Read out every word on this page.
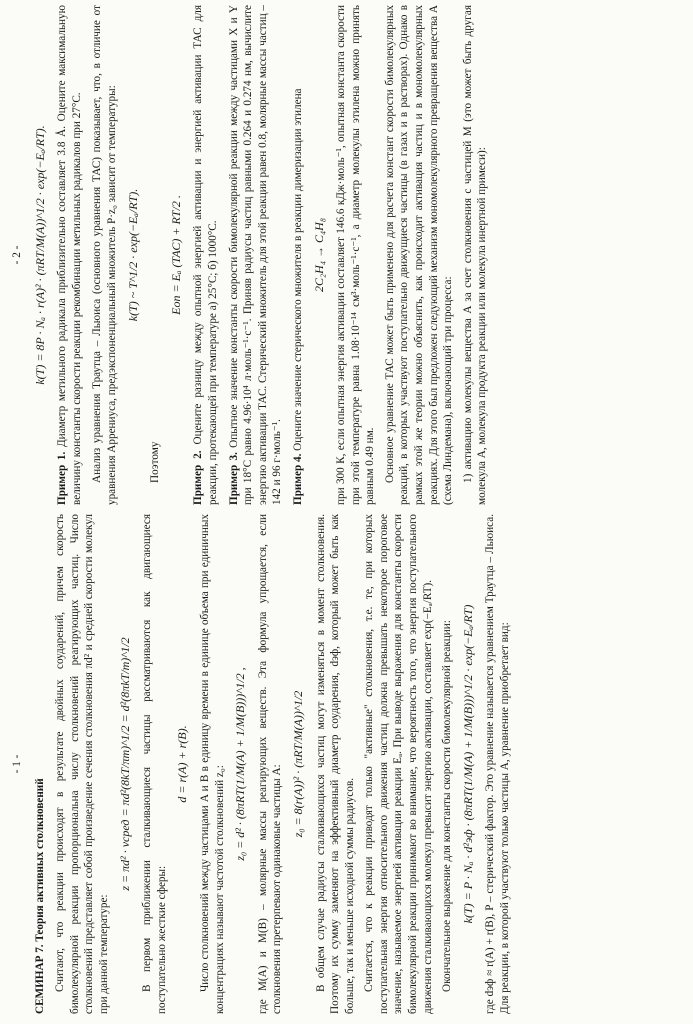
- 1 -
СЕМИНАР 7. Теория активных столкновений Считают, что реакции происходят в результате двойных соударений, причем скорость бимолекулярной реакции пропорциональна числу столкновений реагирующих частиц. Число столкновений представляет собой произведение сечения столкновения πd² и средней скорости молекул при данной температуре:

z = πd² · vсред = πd²(8kT/πm)^1/2 = d²(8πkT/m)^1/2 В первом приближении сталкивающиеся частицы рассматриваются как двигающиеся поступательно жесткие сферы:

d = r(A) + r(B). Число столкновений между частицами A и B в единицу времени в единице объема при единичных концентрациях называют частотой столкновений z₀:

z₀ = d² · (8πRT(1/M(A) + 1/M(B)))^1/2 , где M(A) и M(B) – молярные массы реагирующих веществ. Эта формула упрощается, если столкновения претерпевают одинаковые частицы A:

z₀ = 8(r(A))² · (πRT/M(A))^1/2 В общем случае радиусы сталкивающихся частиц могут изменяться в момент столкновения. Поэтому их сумму заменяют на эффективный диаметр соударения, dэф, который может быть как больше, так и меньше исходной суммы радиусов. Считается, что к реакции приводят только "активные" столкновения, т.е. те, при которых поступательная энергия относительного движения частиц должна превышать некоторое пороговое значение, называемое энергией активации реакции Eₐ. При выводе выражения для константы скорости бимолекулярной реакции принимают во внимание, что вероятность того, что энергия поступательного движения сталкивающихся молекул превысит энергию активации, составляет exp(−Eₐ/RT). Окончательное выражение для константы скорости бимолекулярной реакции: k(T) = P · Nₐ · d²эф · (8πRT(1/M(A) + 1/M(B)))^1/2 · exp(−Eₐ/RT) где dэф ≈ r(A) + r(B), P – стерический фактор. Это уравнение называется уравнением Траутца – Льюиса. Для реакции, в которой участвуют только частицы A, уравнение приобретает вид:

- 2 - k(T) = 8P · Nₐ · r(A)² · (πRT/M(A))^1/2 · exp(−Eₐ/RT).
Пример 1. Диаметр метильного радикала приблизительно составляет 3.8 Å. Оцените максимальную величину константы скорости реакции рекомбинации метильных радикалов при 27°С. Анализ уравнения Траутца – Льюиса (основного уравнения ТАС) показывает, что, в отличие от уравнения Аррениуса, предэкспоненциальный множитель P·z₀ зависит от температуры: k(T) ~ T^1/2 · exp(−Eₐ/RT).

Поэтому

Eоп = Eₐ (ТАС) + RT/2 .
Пример 2. Оцените разницу между опытной энергией активации и энергией активации ТАС для реакции, протекающей при температуре а) 25°С; б) 1000°С. Пример 3. Опытное значение константы скорости бимолекулярной реакции между частицами X и Y при 18°С равно 4.96·10⁴ л·моль⁻¹·с⁻¹. Приняв радиусы частиц равными 0.264 и 0.274 нм, вычислите энергию активации ТАС. Стерический множитель для этой реакции равен 0.8, молярные массы частиц – 142 и 96 г·моль⁻¹. Пример 4. Оцените значение стерического множителя в реакции димеризации этилена 2C₂H₄ → C₄H₈ при 300 К, если опытная энергия активации составляет 146.6 кДж·моль⁻¹, опытная константа скорости при этой температуре равна 1.08·10⁻¹⁴ см³·моль⁻¹·с⁻¹, а диаметр молекулы этилена можно принять равным 0.49 нм. Основное уравнение ТАС может быть применено для расчета констант скорости бимолекулярных реакций, в которых участвуют поступательно движущиеся частицы (в газах и в растворах). Однако в рамках этой же теории можно объяснить, как происходит активация частиц и в мономолекулярных реакциях. Для этого был предложен следующий механизм мономолекулярного превращения вещества A (схема Линдемана), включающий три процесса: 1) активацию молекулы вещества A за счет столкновения с частицей M (это может быть другая молекула A, молекула продукта реакции или молекула инертной примеси):
